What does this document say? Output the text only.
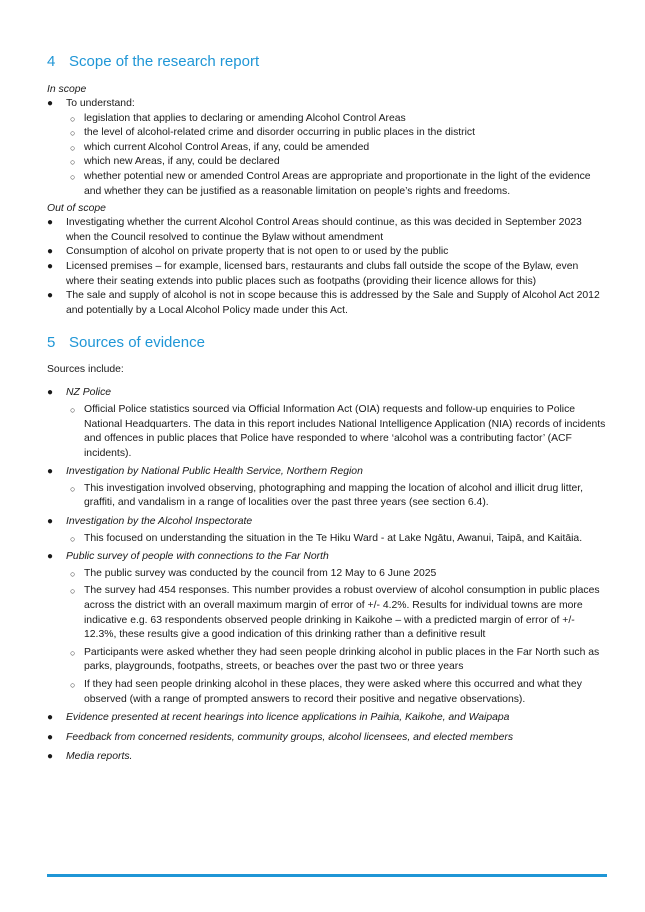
4 Scope of the research report
In scope
●	To understand:
○ legislation that applies to declaring or amending Alcohol Control Areas
○ the level of alcohol-related crime and disorder occurring in public places in the district
○ which current Alcohol Control Areas, if any, could be amended
○ which new Areas, if any, could be declared
○ whether potential new or amended Control Areas are appropriate and proportionate in the light of the evidence and whether they can be justified as a reasonable limitation on people’s rights and freedoms.
Out of scope
●	Investigating whether the current Alcohol Control Areas should continue, as this was decided in September 2023 when the Council resolved to continue the Bylaw without amendment
●	Consumption of alcohol on private property that is not open to or used by the public
●	Licensed premises – for example, licensed bars, restaurants and clubs fall outside the scope of the Bylaw, even where their seating extends into public places such as footpaths (providing their licence allows for this)
●	The sale and supply of alcohol is not in scope because this is addressed by the Sale and Supply of Alcohol Act 2012 and potentially by a Local Alcohol Policy made under this Act.
5 Sources of evidence
Sources include:
●	NZ Police
○ Official Police statistics sourced via Official Information Act (OIA) requests and follow-up enquiries to Police National Headquarters. The data in this report includes National Intelligence Application (NIA) records of incidents and offences in public places that Police have responded to where ‘alcohol was a contributing factor’ (ACF incidents).
●	Investigation by National Public Health Service, Northern Region
○ This investigation involved observing, photographing and mapping the location of alcohol and illicit drug litter, graffiti, and vandalism in a range of localities over the past three years (see section 6.4).
●	Investigation by the Alcohol Inspectorate
○ This focused on understanding the situation in the Te Hiku Ward - at Lake Ngātu, Awanui, Taipā, and Kaitāia.
●	Public survey of people with connections to the Far North
○ The public survey was conducted by the council from 12 May to 6 June 2025
○ The survey had 454 responses. This number provides a robust overview of alcohol consumption in public places across the district with an overall maximum margin of error of +/- 4.2%. Results for individual towns are more indicative e.g. 63 respondents observed people drinking in Kaikohe – with a predicted margin of error of +/- 12.3%, these results give a good indication of this drinking rather than a definitive result
○ Participants were asked whether they had seen people drinking alcohol in public places in the Far North such as parks, playgrounds, footpaths, streets, or beaches over the past two or three years
○ If they had seen people drinking alcohol in these places, they were asked where this occurred and what they observed (with a range of prompted answers to record their positive and negative observations).
●	Evidence presented at recent hearings into licence applications in Paihia, Kaikohe, and Waipapa
●	Feedback from concerned residents, community groups, alcohol licensees, and elected members
●	Media reports.
